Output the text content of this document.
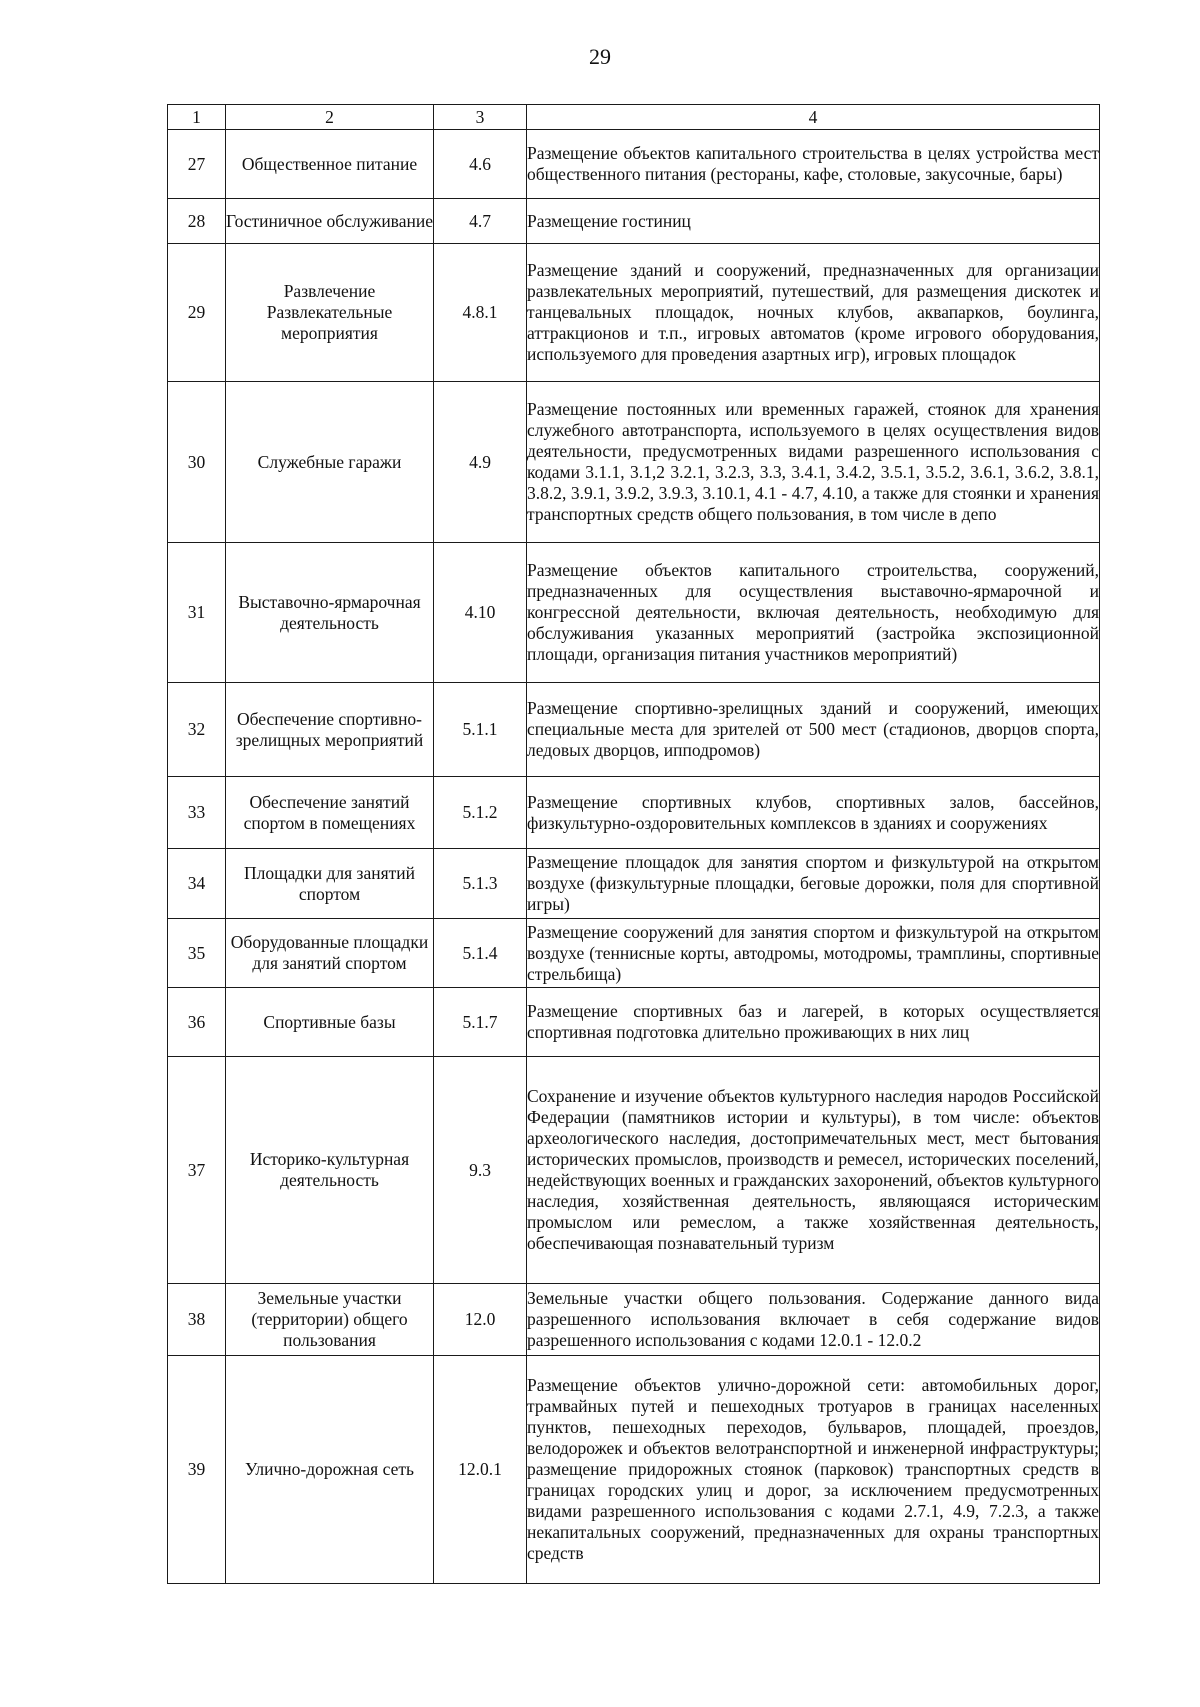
29
1	2	3	4
27	Общественное питание	4.6	Размещение объектов капитального строительства в целях устройства мест общественного питания (рестораны, кафе, столовые, закусочные, бары)
28	Гостиничное обслуживание	4.7	Размещение гостиниц
29	Развлечение Развлекательные мероприятия	4.8.1	Размещение зданий и сооружений, предназначенных для организации развлекательных мероприятий, путешествий, для размещения дискотек и танцевальных площадок, ночных клубов, аквапарков, боулинга, аттракционов и т.п., игровых автоматов (кроме игрового оборудования, используемого для проведения азартных игр), игровых площадок
30	Служебные гаражи	4.9	Размещение постоянных или временных гаражей, стоянок для хранения служебного автотранспорта, используемого в целях осуществления видов деятельности, предусмотренных видами разрешенного использования с кодами 3.1.1, 3.1,2 3.2.1, 3.2.3, 3.3, 3.4.1, 3.4.2, 3.5.1, 3.5.2, 3.6.1, 3.6.2, 3.8.1, 3.8.2, 3.9.1, 3.9.2, 3.9.3, 3.10.1, 4.1 - 4.7, 4.10, а также для стоянки и хранения транспортных средств общего пользования, в том числе в депо
31	Выставочно-ярмарочная деятельность	4.10	Размещение объектов капитального строительства, сооружений, предназначенных для осуществления выставочно-ярмарочной и конгрессной деятельности, включая деятельность, необходимую для обслуживания указанных мероприятий (застройка экспозиционной площади, организация питания участников мероприятий)
32	Обеспечение спортивно-зрелищных мероприятий	5.1.1	Размещение спортивно-зрелищных зданий и сооружений, имеющих специальные места для зрителей от 500 мест (стадионов, дворцов спорта, ледовых дворцов, ипподромов)
33	Обеспечение занятий спортом в помещениях	5.1.2	Размещение спортивных клубов, спортивных залов, бассейнов, физкультурно-оздоровительных комплексов в зданиях и сооружениях
34	Площадки для занятий спортом	5.1.3	Размещение площадок для занятия спортом и физкультурой на открытом воздухе (физкультурные площадки, беговые дорожки, поля для спортивной игры)
35	Оборудованные площадки для занятий спортом	5.1.4	Размещение сооружений для занятия спортом и физкультурой на открытом воздухе (теннисные корты, автодромы, мотодромы, трамплины, спортивные стрельбища)
36	Спортивные базы	5.1.7	Размещение спортивных баз и лагерей, в которых осуществляется спортивная подготовка длительно проживающих в них лиц
37	Историко-культурная деятельность	9.3	Сохранение и изучение объектов культурного наследия народов Российской Федерации (памятников истории и культуры), в том числе: объектов археологического наследия, достопримечательных мест, мест бытования исторических промыслов, производств и ремесел, исторических поселений, недействующих военных и гражданских захоронений, объектов культурного наследия, хозяйственная деятельность, являющаяся историческим промыслом или ремеслом, а также хозяйственная деятельность, обеспечивающая познавательный туризм
38	Земельные участки (территории) общего пользования	12.0	Земельные участки общего пользования. Содержание данного вида разрешенного использования включает в себя содержание видов разрешенного использования с кодами 12.0.1 - 12.0.2
39	Улично-дорожная сеть	12.0.1	Размещение объектов улично-дорожной сети: автомобильных дорог, трамвайных путей и пешеходных тротуаров в границах населенных пунктов, пешеходных переходов, бульваров, площадей, проездов, велодорожек и объектов велотранспортной и инженерной инфраструктуры; размещение придорожных стоянок (парковок) транспортных средств в границах городских улиц и дорог, за исключением предусмотренных видами разрешенного использования с кодами 2.7.1, 4.9, 7.2.3, а также некапитальных сооружений, предназначенных для охраны транспортных средств
